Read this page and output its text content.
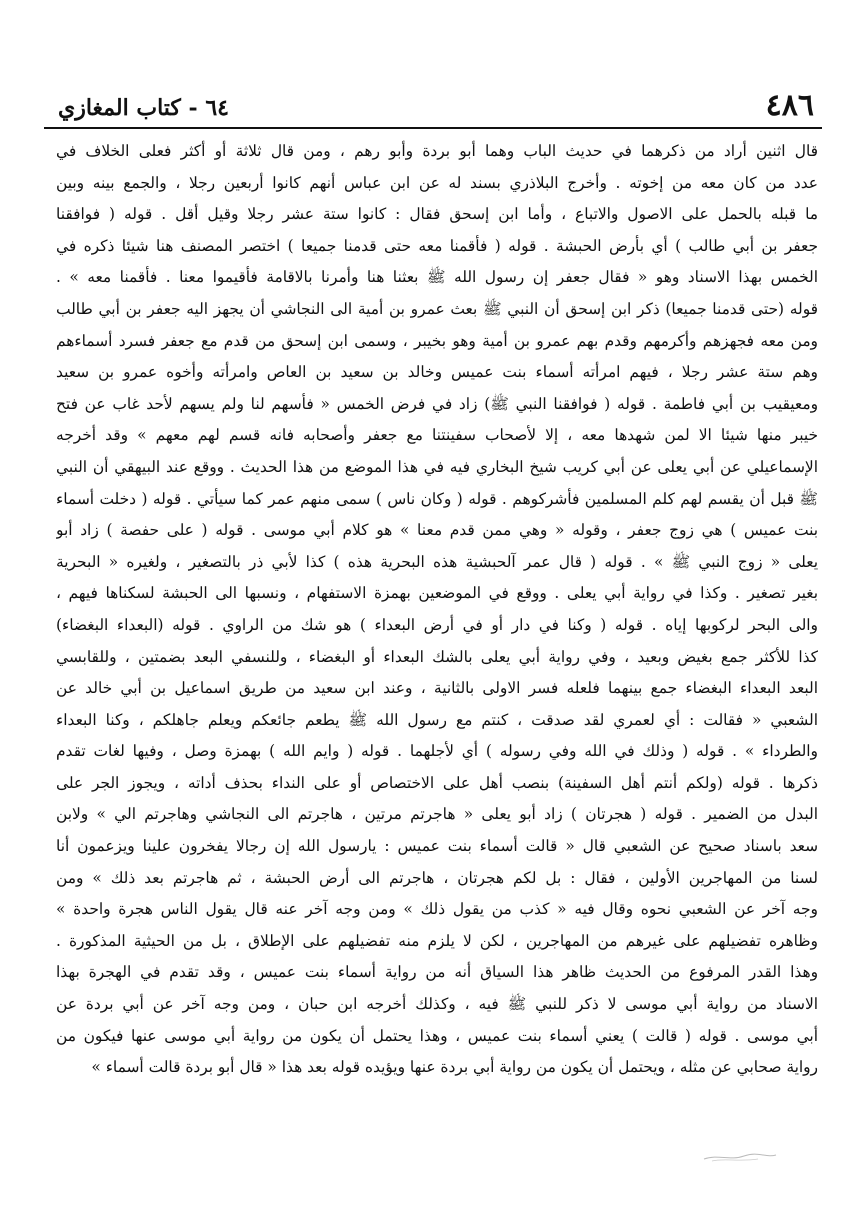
٤٨٦
٦٤ - كتاب المغازي
قال اثنين أراد من ذكرهما في حديث الباب وهما أبو بردة وأبو رهم ، ومن قال ثلاثة أو أكثر فعلى الخلاف في
عدد من كان معه من إخوته . وأخرج البلاذري بسند له عن ابن عباس أنهم كانوا أربعين رجلا ، والجمع بينه وبين
ما قبله بالحمل على الاصول والاتباع ، وأما ابن إسحق فقال : كانوا ستة عشر رجلا وقيل أقل . قوله ( فوافقنا
جعفر بن أبي طالب ) أي بأرض الحبشة . قوله ( فأقمنا معه حتى قدمنا جميعا ) اختصر المصنف هنا شيئا ذكره في
الخمس بهذا الاسناد وهو « فقال جعفر إن رسول الله ﷺ بعثنا هنا وأمرنا بالاقامة فأقيموا معنا . فأقمنا معه » .
قوله (حتى قدمنا جميعا) ذكر ابن إسحق أن النبي ﷺ بعث عمرو بن أمية الى النجاشي أن يجهز اليه جعفر بن أبي طالب
ومن معه فجهزهم وأكرمهم وقدم بهم عمرو بن أمية وهو بخيبر ، وسمى ابن إسحق من قدم مع جعفر فسرد أسماءهم
وهم ستة عشر رجلا ، فيهم امرأته أسماء بنت عميس وخالد بن سعيد بن العاص وامرأته وأخوه عمرو بن سعيد
ومعيقيب بن أبي فاطمة . قوله ( فوافقنا النبي ﷺ) زاد في فرض الخمس « فأسهم لنا ولم يسهم لأحد غاب عن فتح
خيبر منها شيئا الا لمن شهدها معه ، إلا لأصحاب سفينتنا مع جعفر وأصحابه فانه قسم لهم معهم » وقد أخرجه
الإسماعيلي عن أبي يعلى عن أبي كريب شيخ البخاري فيه في هذا الموضع من هذا الحديث . ووقع عند البيهقي أن النبي
ﷺ قبل أن يقسم لهم كلم المسلمين فأشركوهم . قوله ( وكان ناس ) سمى منهم عمر كما سيأتي . قوله ( دخلت أسماء
بنت عميس ) هي زوج جعفر ، وقوله « وهي ممن قدم معنا » هو كلام أبي موسى . قوله ( على حفصة ) زاد أبو
يعلى « زوج النبي ﷺ » . قوله ( قال عمر آلحبشية هذه البحرية هذه ) كذا لأبي ذر بالتصغير ، ولغيره « البحرية
بغير تصغير . وكذا في رواية أبي يعلى . ووقع في الموضعين بهمزة الاستفهام ، ونسبها الى الحبشة لسكناها فيهم ،
والى البحر لركوبها إياه . قوله ( وكنا في دار أو في أرض البعداء ) هو شك من الراوي . قوله (البعداء البغضاء)
كذا للأكثر جمع بغيض وبعيد ، وفي رواية أبي يعلى بالشك البعداء أو البغضاء ، وللنسفي البعد بضمتين ، وللقابسي
البعد البعداء البغضاء جمع بينهما فلعله فسر الاولى بالثانية ، وعند ابن سعيد من طريق اسماعيل بن أبي خالد عن
الشعبي « فقالت : أي لعمري لقد صدقت ، كنتم مع رسول الله ﷺ يطعم جائعكم ويعلم جاهلكم ، وكنا البعداء
والطرداء » . قوله ( وذلك في الله وفي رسوله ) أي لأجلهما . قوله ( وايم الله ) بهمزة وصل ، وفيها لغات تقدم
ذكرها . قوله (ولكم أنتم أهل السفينة) بنصب أهل على الاختصاص أو على النداء بحذف أداته ، ويجوز الجر على
البدل من الضمير . قوله ( هجرتان ) زاد أبو يعلى « هاجرتم مرتين ، هاجرتم الى النجاشي وهاجرتم الي » ولابن
سعد باسناد صحيح عن الشعبي قال « قالت أسماء بنت عميس : يارسول الله إن رجالا يفخرون علينا ويزعمون أنا
لسنا من المهاجرين الأولين ، فقال : بل لكم هجرتان ، هاجرتم الى أرض الحبشة ، ثم هاجرتم بعد ذلك » ومن
وجه آخر عن الشعبي نحوه وقال فيه « كذب من يقول ذلك » ومن وجه آخر عنه قال يقول الناس هجرة واحدة »
وظاهره تفضيلهم على غيرهم من المهاجرين ، لكن لا يلزم منه تفضيلهم على الإطلاق ، بل من الحيثية المذكورة .
وهذا القدر المرفوع من الحديث ظاهر هذا السياق أنه من رواية أسماء بنت عميس ، وقد تقدم في الهجرة بهذا
الاسناد من رواية أبي موسى لا ذكر للنبي ﷺ فيه ، وكذلك أخرجه ابن حبان ، ومن وجه آخر عن أبي بردة عن
أبي موسى . قوله ( قالت ) يعني أسماء بنت عميس ، وهذا يحتمل أن يكون من رواية أبي موسى عنها فيكون من
رواية صحابي عن مثله ، ويحتمل أن يكون من رواية أبي بردة عنها ويؤيده قوله بعد هذا « قال أبو بردة قالت أسماء »
